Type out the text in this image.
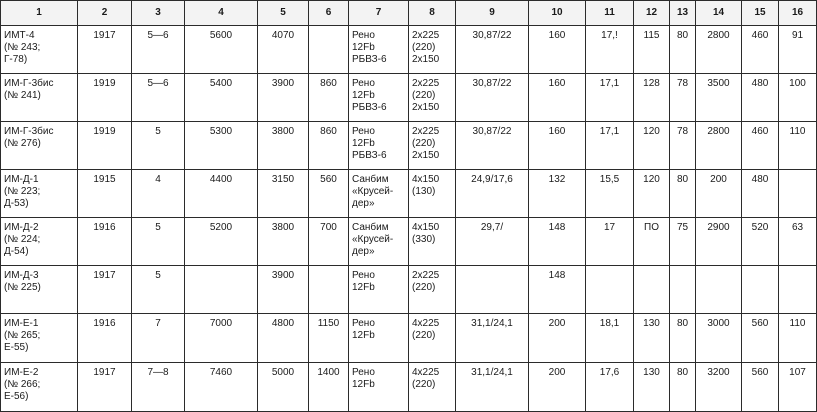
1	2	3	4	5	6	7	8	9	10	11	12	13	14	15	16

ИМТ-4
(№ 243;
Г-78)	1917	5—6	5600	4070		Рено
12Fb
РБВЗ-6	2х225
(220)
2х150	30,87/22	160	17,!	115	80	2800	460	91

ИМ-Г-3бис
(№ 241)	1919	5—6	5400	3900	860	Рено
12Fb
РБВЗ-6	2х225
(220)
2х150	30,87/22	160	17,1	128	78	3500	480	100

ИМ-Г-3бис
(№ 276)	1919	5	5300	3800	860	Рено
12Fb
РБВЗ-6	2х225
(220)
2х150	30,87/22	160	17,1	120	78	2800	460	110

ИМ-Д-1
(№ 223;
Д-53)	1915	4	4400	3150	560	Санбим
«Крусей-
дер»	4х150
(130)	24,9/17,6	132	15,5	120	80	200	480	

ИМ-Д-2
(№ 224;
Д-54)	1916	5	5200	3800	700	Санбим
«Крусей-
дер»	4х150
(330)	29,7/	148	17	ПО	75	2900	520	63

ИМ-Д-3
(№ 225)	1917	5		3900		Рено
12Fb	2х225
(220)		148						

ИМ-Е-1
(№ 265;
Е-55)	1916	7	7000	4800	1150	Рено
12Fb	4х225
(220)	31,1/24,1	200	18,1	130	80	3000	560	110

ИМ-Е-2
(№ 266;
Е-56)	1917	7—8	7460	5000	1400	Рено
12Fb	4х225
(220)	31,1/24,1	200	17,6	130	80	3200	560	107
